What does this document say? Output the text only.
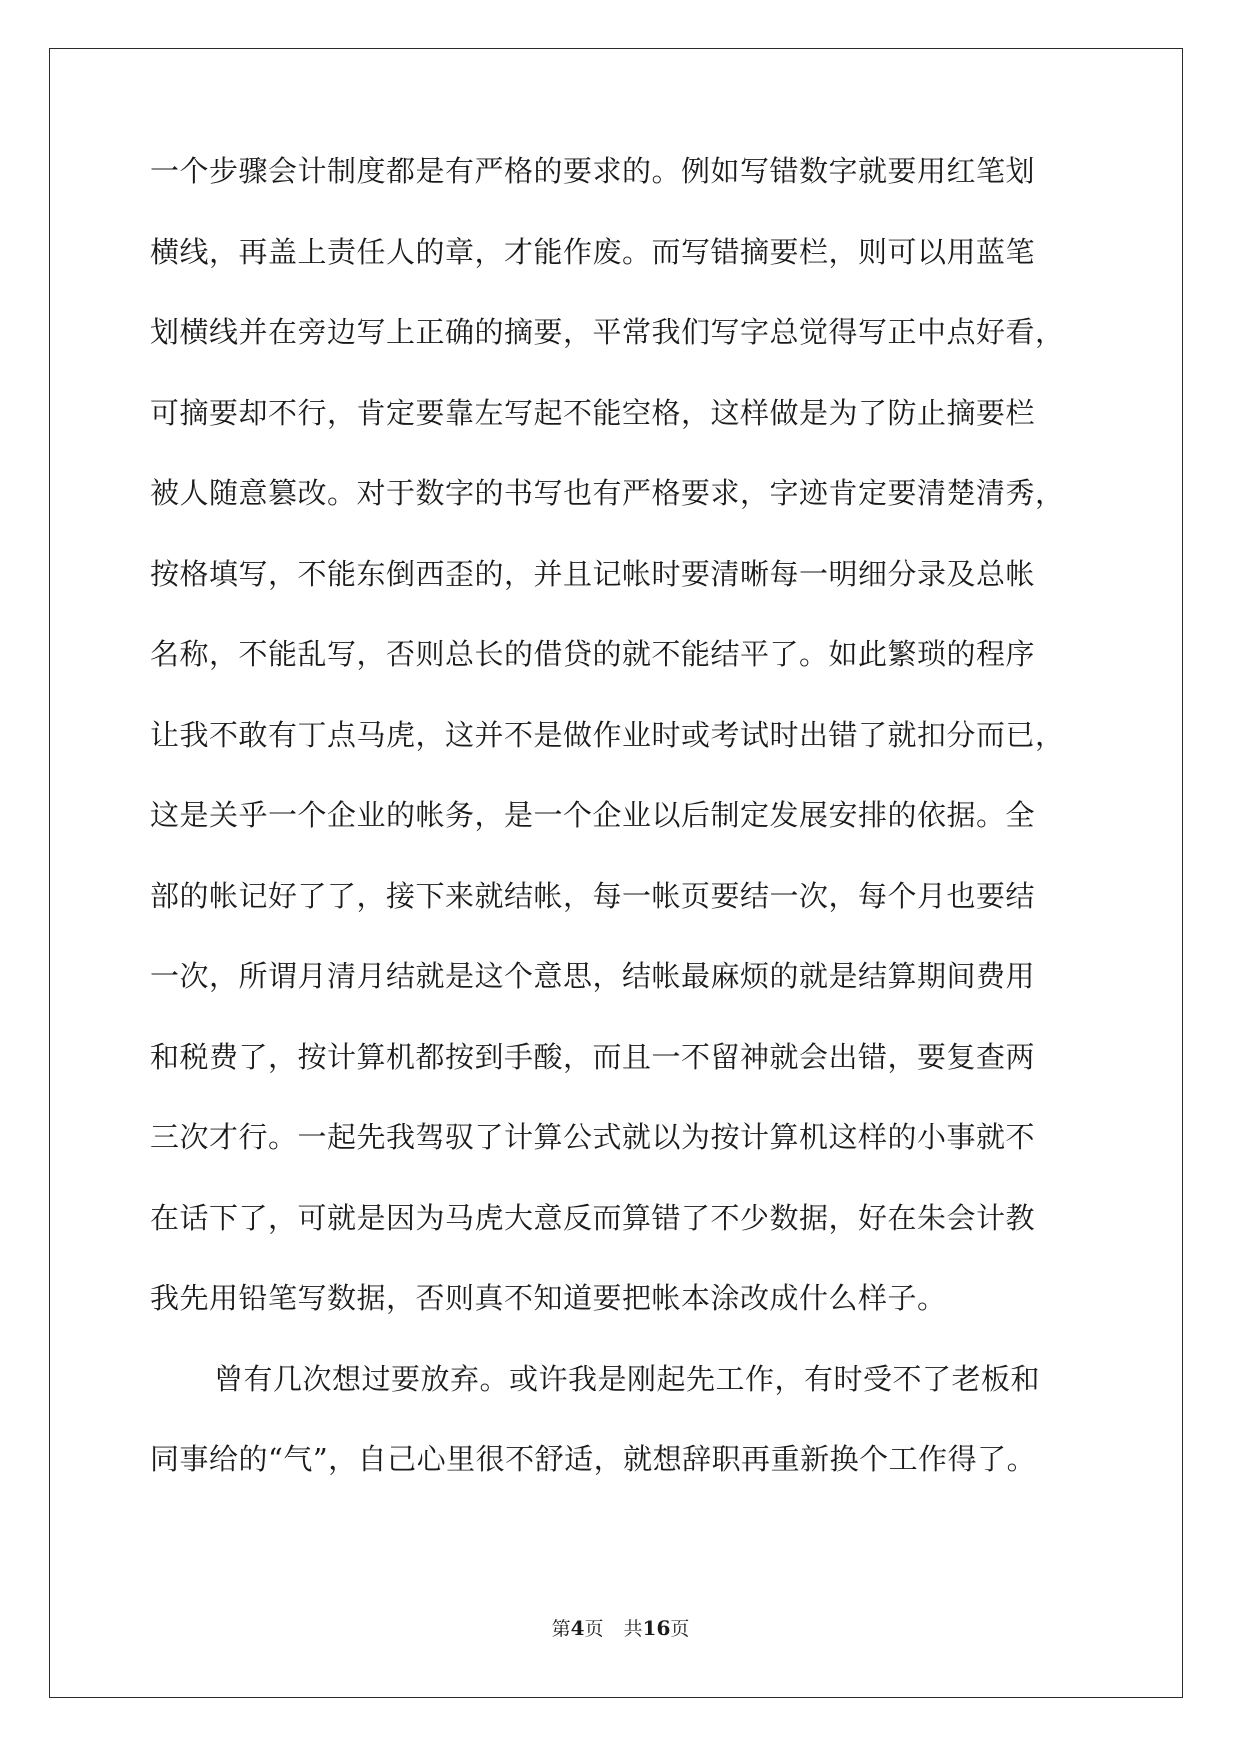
一个步骤会计制度都是有严格的要求的。例如写错数字就要用红笔划
横线，再盖上责任人的章，才能作废。而写错摘要栏，则可以用蓝笔
划横线并在旁边写上正确的摘要，平常我们写字总觉得写正中点好看，
可摘要却不行，肯定要靠左写起不能空格，这样做是为了防止摘要栏
被人随意篡改。对于数字的书写也有严格要求，字迹肯定要清楚清秀，
按格填写，不能东倒西歪的，并且记帐时要清晰每一明细分录及总帐
名称，不能乱写，否则总长的借贷的就不能结平了。如此繁琐的程序
让我不敢有丁点马虎，这并不是做作业时或考试时出错了就扣分而已，
这是关乎一个企业的帐务，是一个企业以后制定发展安排的依据。全
部的帐记好了了，接下来就结帐，每一帐页要结一次，每个月也要结
一次，所谓月清月结就是这个意思，结帐最麻烦的就是结算期间费用
和税费了，按计算机都按到手酸，而且一不留神就会出错，要复查两
三次才行。一起先我驾驭了计算公式就以为按计算机这样的小事就不
在话下了，可就是因为马虎大意反而算错了不少数据，好在朱会计教
我先用铅笔写数据，否则真不知道要把帐本涂改成什么样子。
曾有几次想过要放弃。或许我是刚起先工作，有时受不了老板和
同事给的“气”，自己心里很不舒适，就想辞职再重新换个工作得了。
第4页 共16页
